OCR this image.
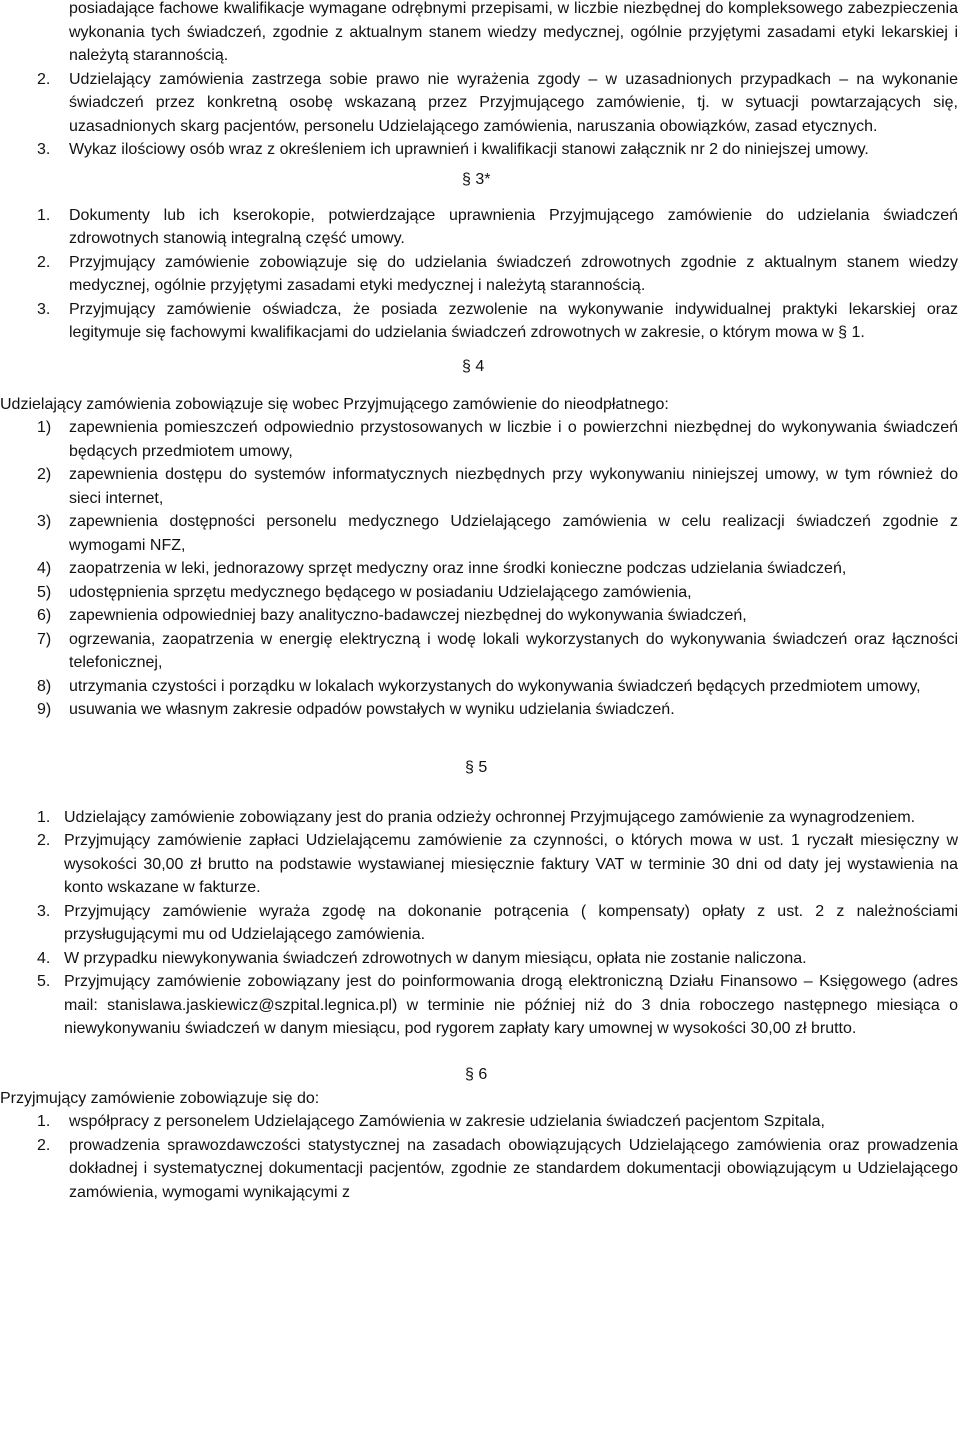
posiadające fachowe kwalifikacje wymagane odrębnymi przepisami, w liczbie niezbędnej do kompleksowego zabezpieczenia wykonania tych świadczeń, zgodnie z aktualnym stanem wiedzy medycznej, ogólnie przyjętymi zasadami etyki lekarskiej i należytą starannością.

2. Udzielający zamówienia zastrzega sobie prawo nie wyrażenia zgody – w uzasadnionych przypadkach – na wykonanie świadczeń przez konkretną osobę wskazaną przez Przyjmującego zamówienie, tj. w sytuacji powtarzających się, uzasadnionych skarg pacjentów, personelu Udzielającego zamówienia, naruszania obowiązków, zasad etycznych.
3. Wykaz ilościowy osób wraz z określeniem ich uprawnień i kwalifikacji stanowi załącznik nr 2 do niniejszej umowy.
§ 3*
1. Dokumenty lub ich kserokopie, potwierdzające uprawnienia Przyjmującego zamówienie do udzielania świadczeń zdrowotnych stanowią integralną część umowy.
2. Przyjmujący zamówienie zobowiązuje się do udzielania świadczeń zdrowotnych zgodnie z aktualnym stanem wiedzy medycznej, ogólnie przyjętymi zasadami etyki medycznej i należytą starannością.
3. Przyjmujący zamówienie oświadcza, że posiada zezwolenie na wykonywanie indywidualnej praktyki lekarskiej oraz legitymuje się fachowymi kwalifikacjami do udzielania świadczeń zdrowotnych w zakresie, o którym mowa w § 1.
§ 4

Udzielający zamówienia zobowiązuje się wobec Przyjmującego zamówienie do nieodpłatnego:

1) zapewnienia pomieszczeń odpowiednio przystosowanych w liczbie i o powierzchni niezbędnej do wykonywania świadczeń będących przedmiotem umowy,
2) zapewnienia dostępu do systemów informatycznych niezbędnych przy wykonywaniu niniejszej umowy, w tym również do sieci internet,
3) zapewnienia dostępności personelu medycznego Udzielającego zamówienia w celu realizacji świadczeń zgodnie z wymogami NFZ,
4) zaopatrzenia w leki, jednorazowy sprzęt medyczny oraz inne środki konieczne podczas udzielania świadczeń,
5) udostępnienia sprzętu medycznego będącego w posiadaniu Udzielającego zamówienia,
6) zapewnienia odpowiedniej bazy analityczno-badawczej niezbędnej do wykonywania świadczeń,
7) ogrzewania, zaopatrzenia w energię elektryczną i wodę lokali wykorzystanych do wykonywania świadczeń oraz łączności telefonicznej,
8) utrzymania czystości i porządku w lokalach wykorzystanych do wykonywania świadczeń będących przedmiotem umowy,
9) usuwania we własnym zakresie odpadów powstałych w wyniku udzielania świadczeń.
§ 5
1. Udzielający zamówienie zobowiązany jest do prania odzieży ochronnej Przyjmującego zamówienie za wynagrodzeniem.
2. Przyjmujący zamówienie zapłaci Udzielającemu zamówienie za czynności, o których mowa w ust. 1 ryczałt miesięczny w wysokości 30,00 zł brutto na podstawie wystawianej miesięcznie faktury VAT w terminie 30 dni od daty jej wystawienia na konto wskazane w fakturze.
3. Przyjmujący zamówienie wyraża zgodę na dokonanie potrącenia ( kompensaty) opłaty z ust. 2 z należnościami przysługującymi mu od Udzielającego zamówienia.
4. W przypadku niewykonywania świadczeń zdrowotnych w danym miesiącu, opłata nie zostanie naliczona.
5. Przyjmujący zamówienie zobowiązany jest do poinformowania drogą elektroniczną Działu Finansowo – Księgowego (adres mail: stanislawa.jaskiewicz@szpital.legnica.pl) w terminie nie później niż do 3 dnia roboczego następnego miesiąca o niewykonywaniu świadczeń w danym miesiącu, pod rygorem zapłaty kary umownej w wysokości 30,00 zł brutto.
§ 6

Przyjmujący zamówienie zobowiązuje się do:

1. współpracy z personelem Udzielającego Zamówienia w zakresie udzielania świadczeń pacjentom Szpitala,
2. prowadzenia sprawozdawczości statystycznej na zasadach obowiązujących Udzielającego zamówienia oraz prowadzenia dokładnej i systematycznej dokumentacji pacjentów, zgodnie ze standardem dokumentacji obowiązującym u Udzielającego zamówienia, wymogami wynikającymi z
